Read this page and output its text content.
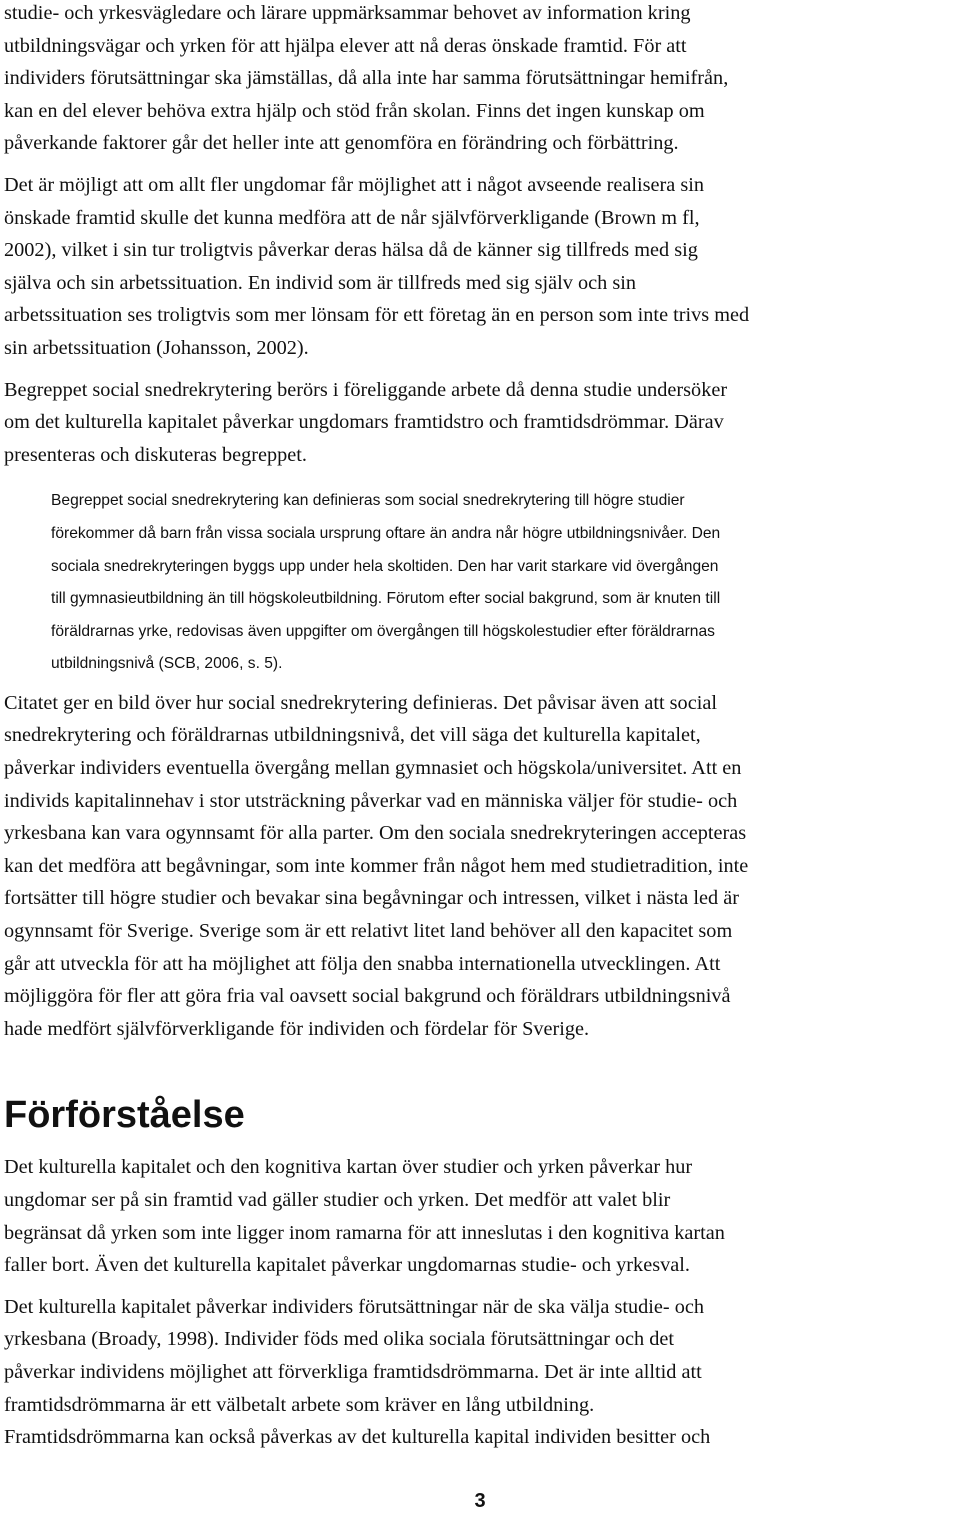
studie- och yrkesvägledare och lärare uppmärksammar behovet av information kring
utbildningsvägar och yrken för att hjälpa elever att nå deras önskade framtid. För att
individers förutsättningar ska jämställas, då alla inte har samma förutsättningar hemifrån,
kan en del elever behöva extra hjälp och stöd från skolan. Finns det ingen kunskap om
påverkande faktorer går det heller inte att genomföra en förändring och förbättring.

Det är möjligt att om allt fler ungdomar får möjlighet att i något avseende realisera sin
önskade framtid skulle det kunna medföra att de når självförverkligande (Brown m fl,
2002), vilket i sin tur troligtvis påverkar deras hälsa då de känner sig tillfreds med sig
själva och sin arbetssituation. En individ som är tillfreds med sig själv och sin
arbetssituation ses troligtvis som mer lönsam för ett företag än en person som inte trivs med
sin arbetssituation (Johansson, 2002).

Begreppet social snedrekrytering berörs i föreliggande arbete då denna studie undersöker
om det kulturella kapitalet påverkar ungdomars framtidstro och framtidsdrömmar. Därav
presenteras och diskuteras begreppet.

Begreppet social snedrekrytering kan definieras som social snedrekrytering till högre studier
förekommer då barn från vissa sociala ursprung oftare än andra når högre utbildningsnivåer. Den
sociala snedrekryteringen byggs upp under hela skoltiden. Den har varit starkare vid övergången
till gymnasieutbildning än till högskoleutbildning. Förutom efter social bakgrund, som är knuten till
föräldrarnas yrke, redovisas även uppgifter om övergången till högskolestudier efter föräldrarnas
utbildningsnivå (SCB, 2006, s. 5).

Citatet ger en bild över hur social snedrekrytering definieras. Det påvisar även att social
snedrekrytering och föräldrarnas utbildningsnivå, det vill säga det kulturella kapitalet,
påverkar individers eventuella övergång mellan gymnasiet och högskola/universitet. Att en
individs kapitalinnehav i stor utsträckning påverkar vad en människa väljer för studie- och
yrkesbana kan vara ogynnsamt för alla parter. Om den sociala snedrekryteringen accepteras
kan det medföra att begåvningar, som inte kommer från något hem med studietradition, inte
fortsätter till högre studier och bevakar sina begåvningar och intressen, vilket i nästa led är
ogynnsamt för Sverige. Sverige som är ett relativt litet land behöver all den kapacitet som
går att utveckla för att ha möjlighet att följa den snabba internationella utvecklingen. Att
möjliggöra för fler att göra fria val oavsett social bakgrund och föräldrars utbildningsnivå
hade medfört självförverkligande för individen och fördelar för Sverige.

Förförståelse

Det kulturella kapitalet och den kognitiva kartan över studier och yrken påverkar hur
ungdomar ser på sin framtid vad gäller studier och yrken. Det medför att valet blir
begränsat då yrken som inte ligger inom ramarna för att inneslutas i den kognitiva kartan
faller bort. Även det kulturella kapitalet påverkar ungdomarnas studie- och yrkesval.

Det kulturella kapitalet påverkar individers förutsättningar när de ska välja studie- och
yrkesbana (Broady, 1998). Individer föds med olika sociala förutsättningar och det
påverkar individens möjlighet att förverkliga framtidsdrömmarna. Det är inte alltid att
framtidsdrömmarna är ett välbetalt arbete som kräver en lång utbildning.
Framtidsdrömmarna kan också påverkas av det kulturella kapital individen besitter och

3
